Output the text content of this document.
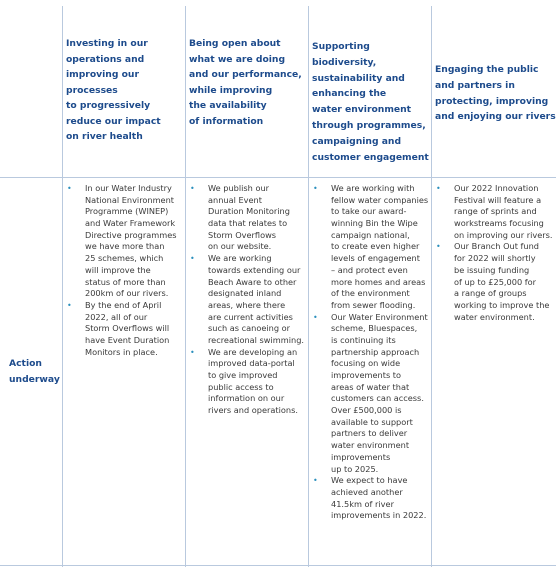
Investing in our
operations and
improving our processes
to progressively
reduce our impact
on river health
Being open about
what we are doing
and our performance,
while improving
the availability
of information
Supporting biodiversity,
sustainability and
enhancing the
water environment
through programmes,
campaigning and
customer engagement
Engaging the public
and partners in
protecting, improving
and enjoying our rivers
Action
underway
• In our Water Industry
National Environment
Programme (WINEP)
and Water Framework
Directive programmes
we have more than
25 schemes, which
will improve the
status of more than
200km of our rivers.
• By the end of April
2022, all of our
Storm Overflows will
have Event Duration
Monitors in place.
• We publish our
annual Event
Duration Monitoring
data that relates to
Storm Overflows
on our website.
• We are working
towards extending our
Beach Aware to other
designated inland
areas, where there
are current activities
such as canoeing or
recreational swimming.
• We are developing an
improved data-portal
to give improved
public access to
information on our
rivers and operations.
• We are working with
fellow water companies
to take our award-
winning Bin the Wipe
campaign national,
to create even higher
levels of engagement
– and protect even
more homes and areas
of the environment
from sewer flooding.
• Our Water Environment
scheme, Bluespaces,
is continuing its
partnership approach
focusing on wide
improvements to
areas of water that
customers can access.
Over £500,000 is
available to support
partners to deliver
water environment
improvements
up to 2025.
• We expect to have
achieved another
41.5km of river
improvements in 2022.
• Our 2022 Innovation
Festival will feature a
range of sprints and
workstreams focusing
on improving our rivers.
• Our Branch Out fund
for 2022 will shortly
be issuing funding
of up to £25,000 for
a range of groups
working to improve the
water environment.
